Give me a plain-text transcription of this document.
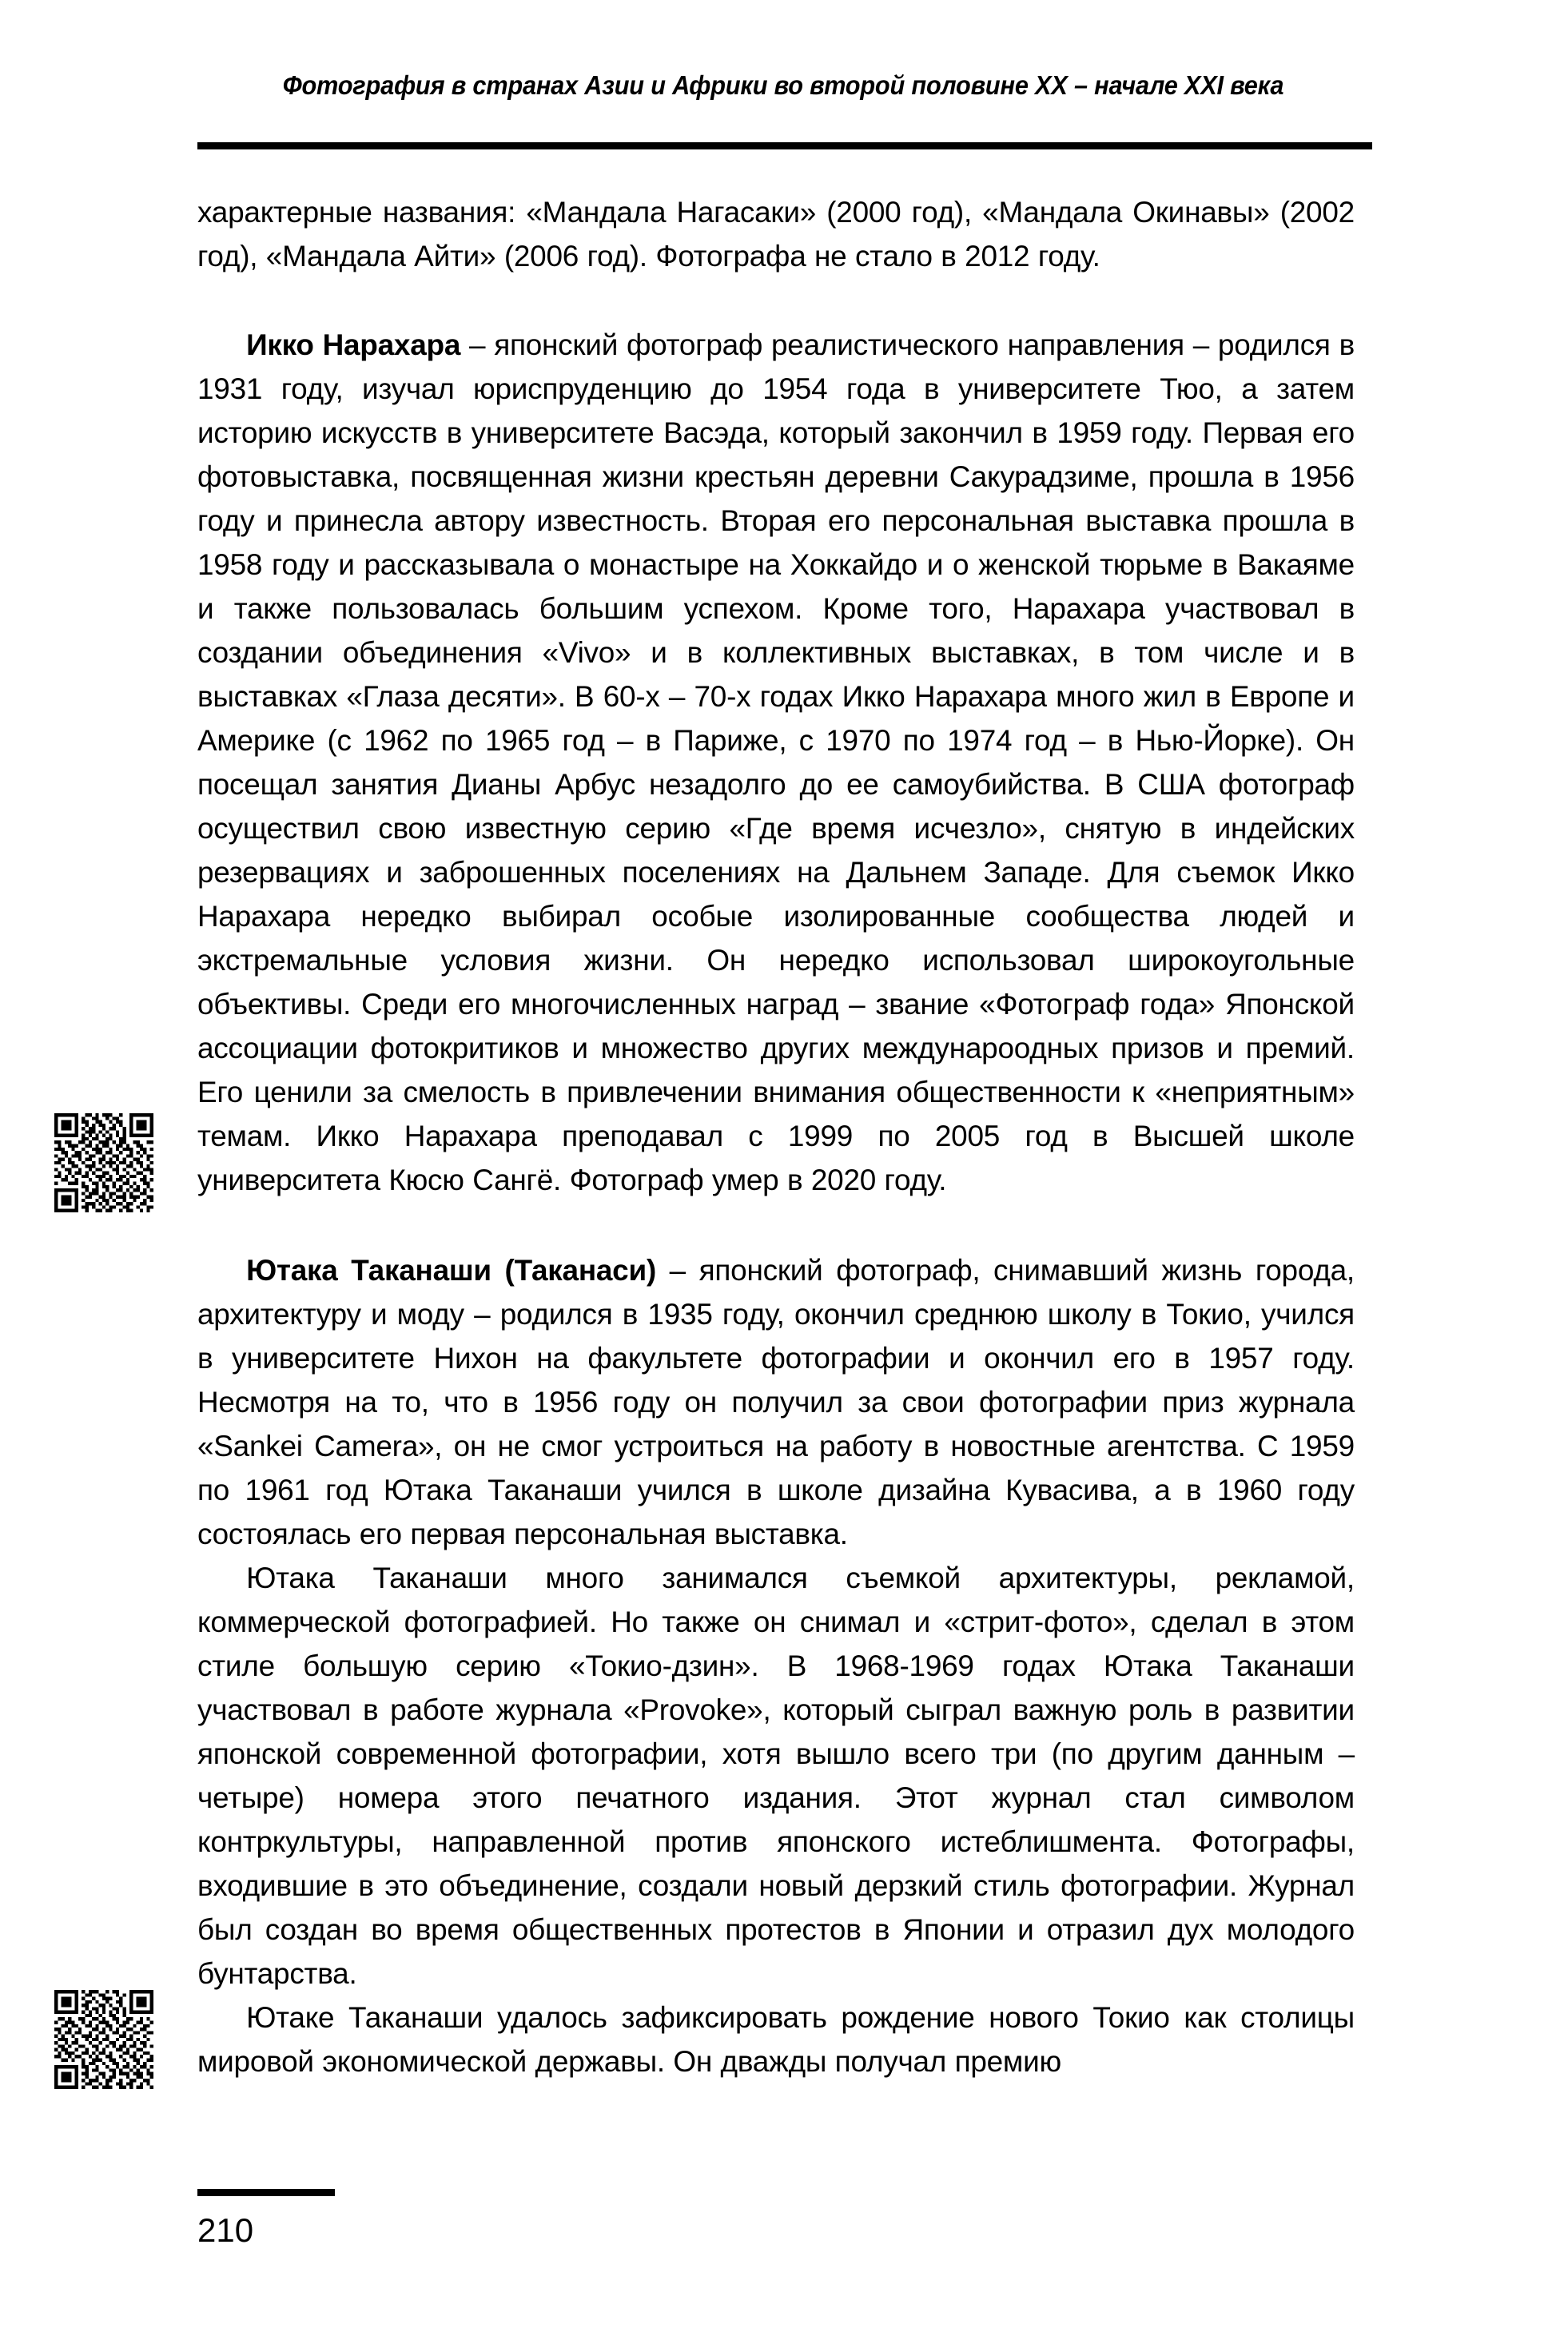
Фотография в странах Азии и Африки во второй половине XX – начале XXI века

характерные названия: «Мандала Нагасаки» (2000 год), «Мандала Окинавы» (2002 год), «Мандала Айти» (2006 год). Фотографа не стало в 2012 году.

Икко Нарахара – японский фотограф реалистического направления – родился в 1931 году, изучал юриспруденцию до 1954 года в университете Тюо, а затем историю искусств в университете Васэда, который закончил в 1959 году. Первая его фотовыставка, посвященная жизни крестьян деревни Сакурадзиме, прошла в 1956 году и принесла автору известность. Вторая его персональная выставка прошла в 1958 году и рассказывала о монастыре на Хоккайдо и о женской тюрьме в Вакаяме и также пользовалась большим успехом. Кроме того, Нарахара участвовал в создании объединения «Vivo» и в коллективных выставках, в том числе и в выставках «Глаза десяти». В 60-х – 70-х годах Икко Нарахара много жил в Европе и Америке (с 1962 по 1965 год – в Париже, с 1970 по 1974 год – в Нью-Йорке). Он посещал занятия Дианы Арбус незадолго до ее самоубийства. В США фотограф осуществил свою известную серию «Где время исчезло», снятую в индейских резервациях и заброшенных поселениях на Дальнем Западе. Для съемок Икко Нарахара нередко выбирал особые изолированные сообщества людей и экстремальные условия жизни. Он нередко использовал широкоугольные объективы. Среди его многочисленных наград – звание «Фотограф года» Японской ассоциации фотокритиков и множество других междунароодных призов и премий. Его ценили за смелость в привлечении внимания общественности к «неприятным» темам. Икко Нарахара преподавал с 1999 по 2005 год в Высшей школе университета Кюсю Сангё. Фотограф умер в 2020 году.

Ютака Таканаши (Таканаси) – японский фотограф, снимавший жизнь города, архитектуру и моду – родился в 1935 году, окончил среднюю школу в Токио, учился в университете Нихон на факультете фотографии и окончил его в 1957 году. Несмотря на то, что в 1956 году он получил за свои фотографии приз журнала «Sankei Camera», он не смог устроиться на работу в новостные агентства. С 1959 по 1961 год Ютака Таканаши учился в школе дизайна Кувасива, а в 1960 году состоялась его первая персональная выставка.

Ютака Таканаши много занимался съемкой архитектуры, рекламой, коммерческой фотографией. Но также он снимал и «стрит-фото», сделал в этом стиле большую серию «Токио-дзин». В 1968-1969 годах Ютака Таканаши участвовал в работе журнала «Provoke», который сыграл важную роль в развитии японской современной фотографии, хотя вышло всего три (по другим данным – четыре) номера этого печатного издания. Этот журнал стал символом контркультуры, направленной против японского истеблишмента. Фотографы, входившие в это объединение, создали новый дерзкий стиль фотографии. Журнал был создан во время общественных протестов в Японии и отразил дух молодого бунтарства.

Ютаке Таканаши удалось зафиксировать рождение нового Токио как столицы мировой экономической державы. Он дважды получал премию

210
